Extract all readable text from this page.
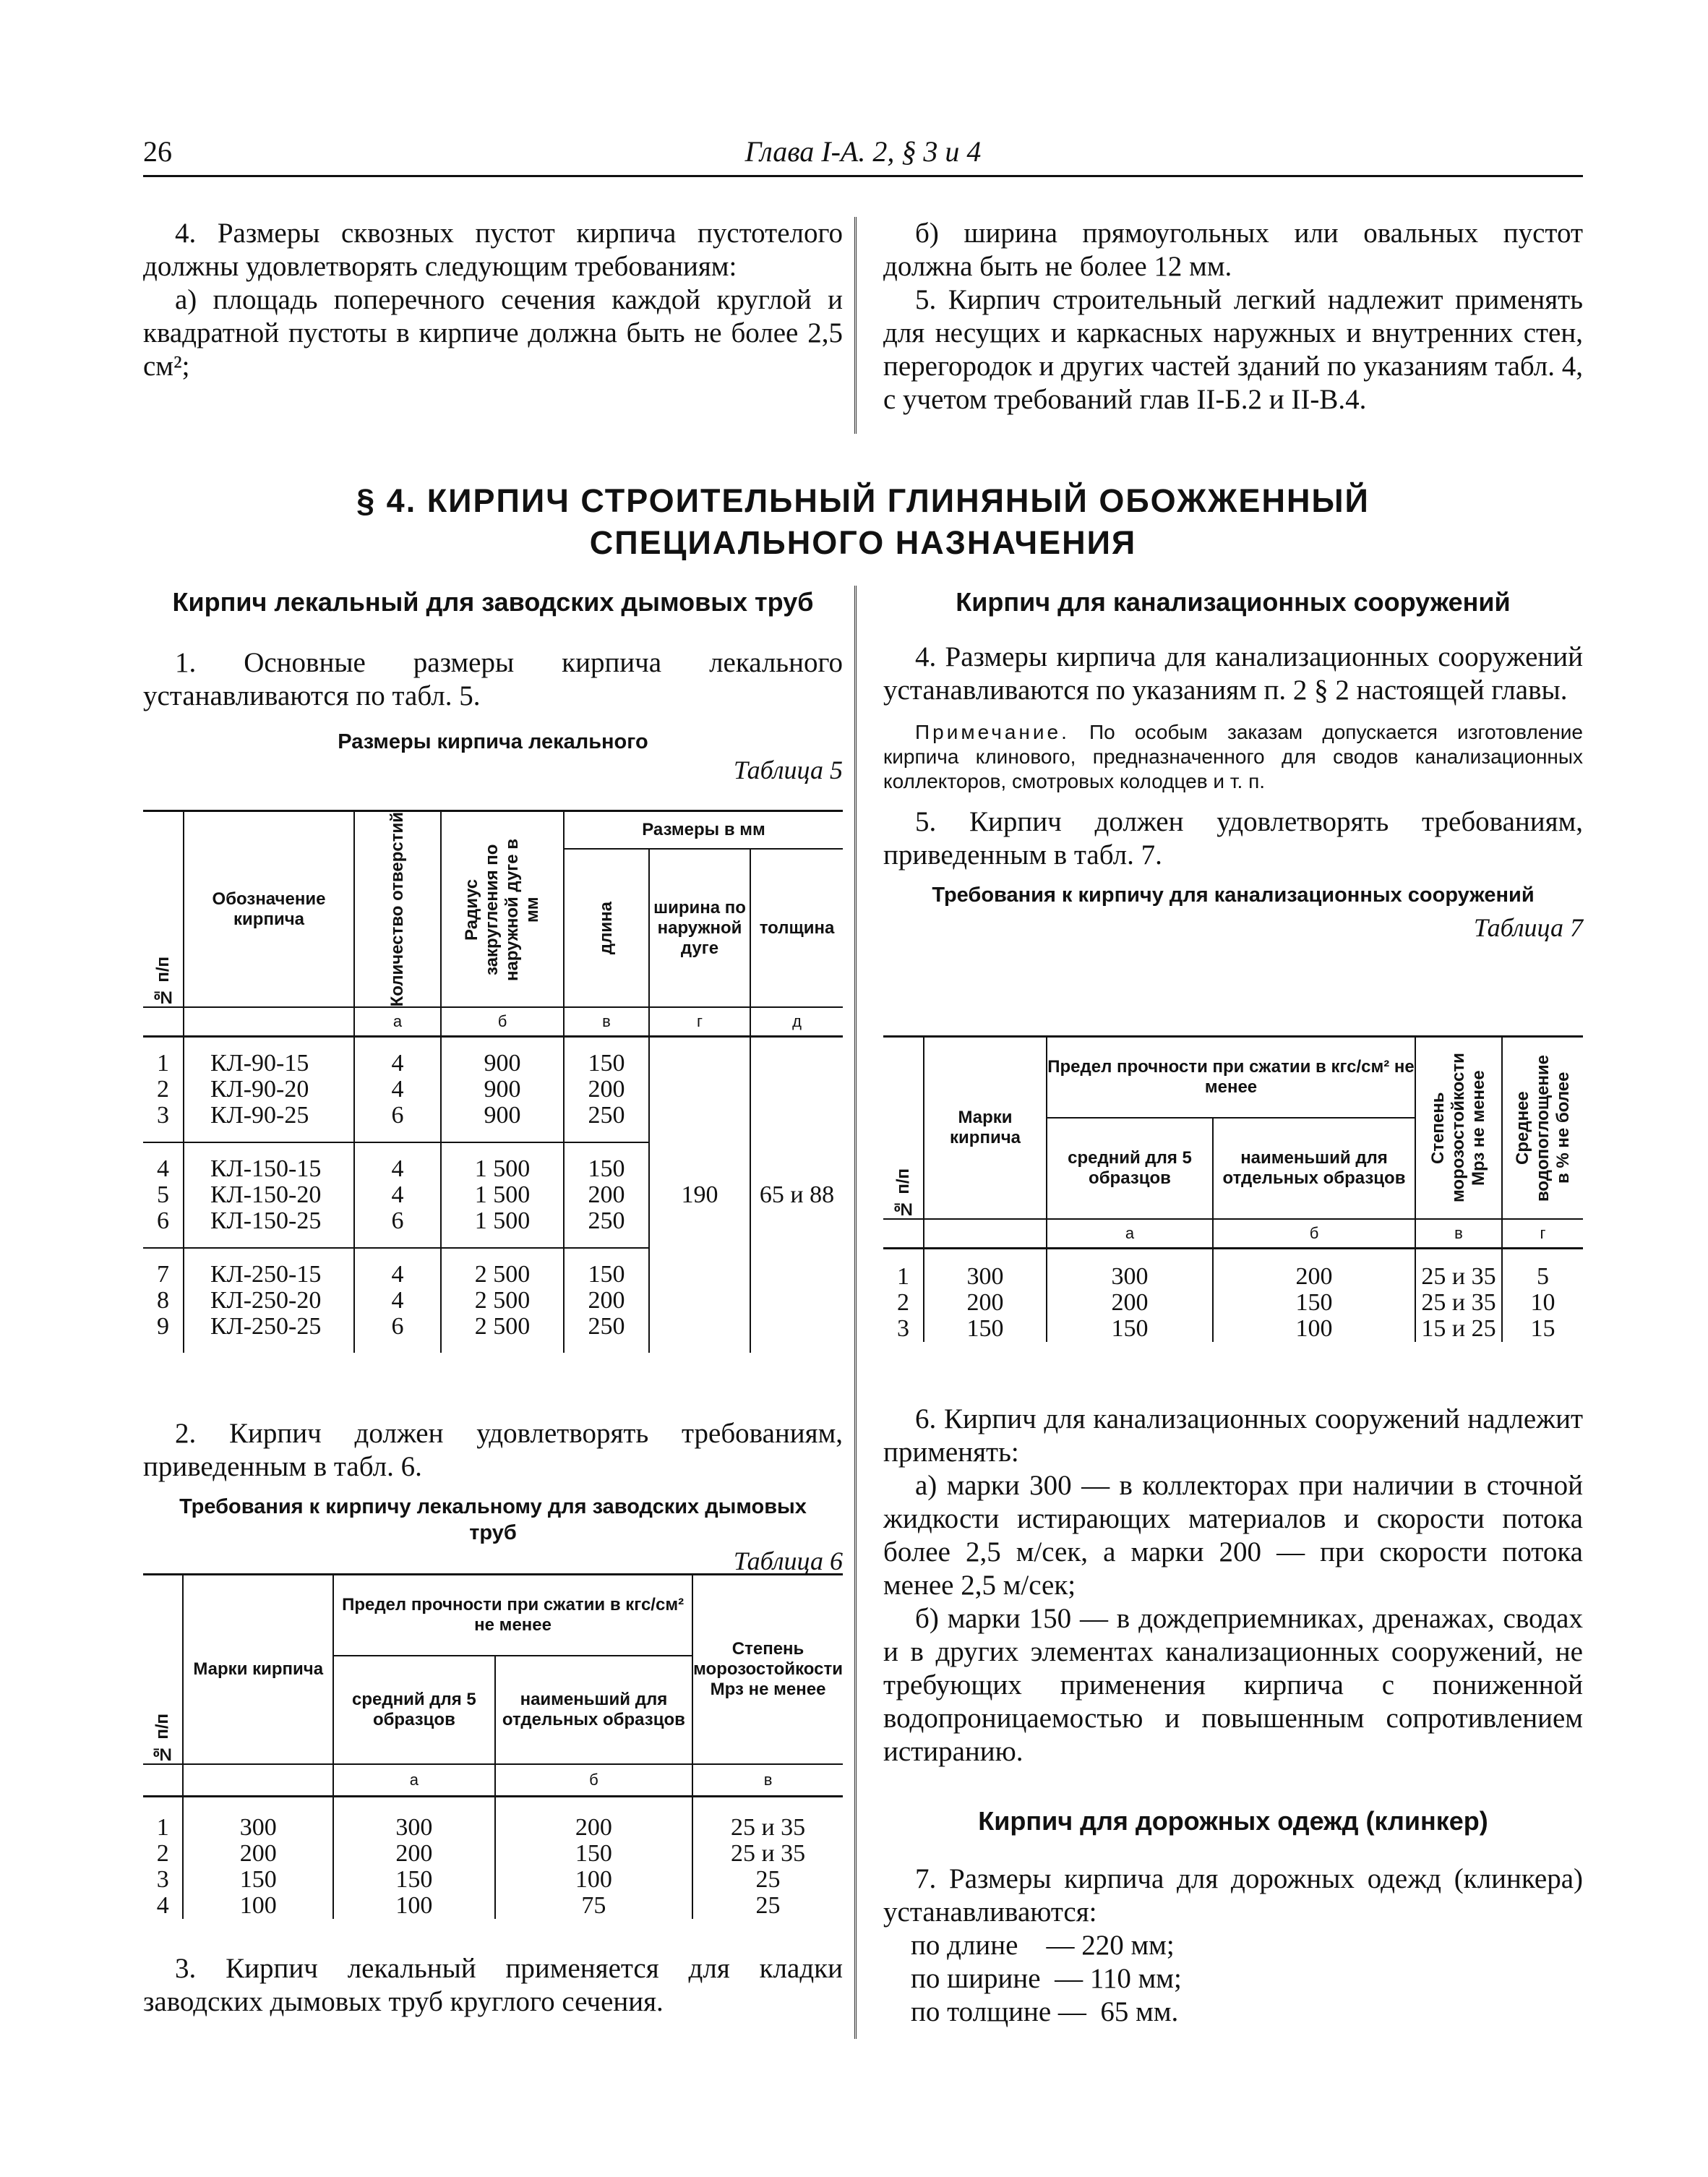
26	Глава I-А. 2, § 3 и 4

4. Размеры сквозных пустот кирпича пустотелого должны удовлетворять следующим требованиям:

а) площадь поперечного сечения каждой круглой и квадратной пустоты в кирпиче должна быть не более 2,5 см²;

б) ширина прямоугольных или овальных пустот должна быть не более 12 мм.

5. Кирпич строительный легкий надлежит применять для несущих и каркасных наружных и внутренних стен, перегородок и других частей зданий по указаниям табл. 4, с учетом требований глав II-Б.2 и II-В.4.

§ 4. КИРПИЧ СТРОИТЕЛЬНЫЙ ГЛИНЯНЫЙ ОБОЖЖЕННЫЙ
СПЕЦИАЛЬНОГО НАЗНАЧЕНИЯ

Кирпич лекальный для заводских дымовых труб

1. Основные размеры кирпича лекального устанавливаются по табл. 5.

Размеры кирпича лекального

Таблица 5

№ п/п	Обозначение кирпича	Количество отверстий	Радиус закругления по наружной дуге в мм	Размеры в мм		

				длина	ширина по наружной дуге	толщина

		а	б	в	г	д
1	КЛ-90-15	4	900	150	190	65 и 88
2	КЛ-90-20	4	900	200		
3	КЛ-90-25	6	900	250		
4	КЛ-150-15	4	1 500	150		
5	КЛ-150-20	4	1 500	200		
6	КЛ-150-25	6	1 500	250		
7	КЛ-250-15	4	2 500	150		
8	КЛ-250-20	4	2 500	200		
9	КЛ-250-25	6	2 500	250		

2. Кирпич должен удовлетворять требованиям, приведенным в табл. 6.

Требования к кирпичу лекальному для заводских дымовых труб

Таблица 6

№ п/п	Марки кирпича	Предел прочности при сжатии в кгс/см² не менее		Степень морозостойкости Мрз не менее
		средний для 5 образцов	наименьший для отдельных образцов	
		а	б	в
1	300	300	200	25 и 35
2	200	200	150	25 и 35
3	150	150	100	25
4	100	100	75	25

3. Кирпич лекальный применяется для кладки заводских дымовых труб круглого сечения.

Кирпич для канализационных сооружений

4. Размеры кирпича для канализационных сооружений устанавливаются по указаниям п. 2 § 2 настоящей главы.

Примечание. По особым заказам допускается изготовление кирпича клинового, предназначенного для сводов канализационных коллекторов, смотровых колодцев и т. п.

5. Кирпич должен удовлетворять требованиям, приведенным в табл. 7.

Требования к кирпичу для канализационных сооружений

Таблица 7

№ п/п	Марки кирпича	Предел прочности при сжатии в кгс/см² не менее		Степень морозостойкости Мрз не менее	Среднее водопоглощение в % не более

		средний для 5 образцов	наименьший для отдельных образцов		
		а	б	в	г
1	300	300	200	25 и 35	5
2	200	200	150	25 и 35	10
3	150	150	100	15 и 25	15

6. Кирпич для канализационных сооружений надлежит применять:

а) марки 300 — в коллекторах при наличии в сточной жидкости истирающих материалов и скорости потока более 2,5 м/сек, а марки 200 — при скорости потока менее 2,5 м/сек;

б) марки 150 — в дождеприемниках, дренажах, сводах и в других элементах канализационных сооружений, не требующих применения кирпича с пониженной водопроницаемостью и повышенным сопротивлением истиранию.

Кирпич для дорожных одежд (клинкер)

7. Размеры кирпича для дорожных одежд (клинкера) устанавливаются:

по длине    — 220 мм;
по ширине  — 110 мм;
по толщине —  65 мм.
